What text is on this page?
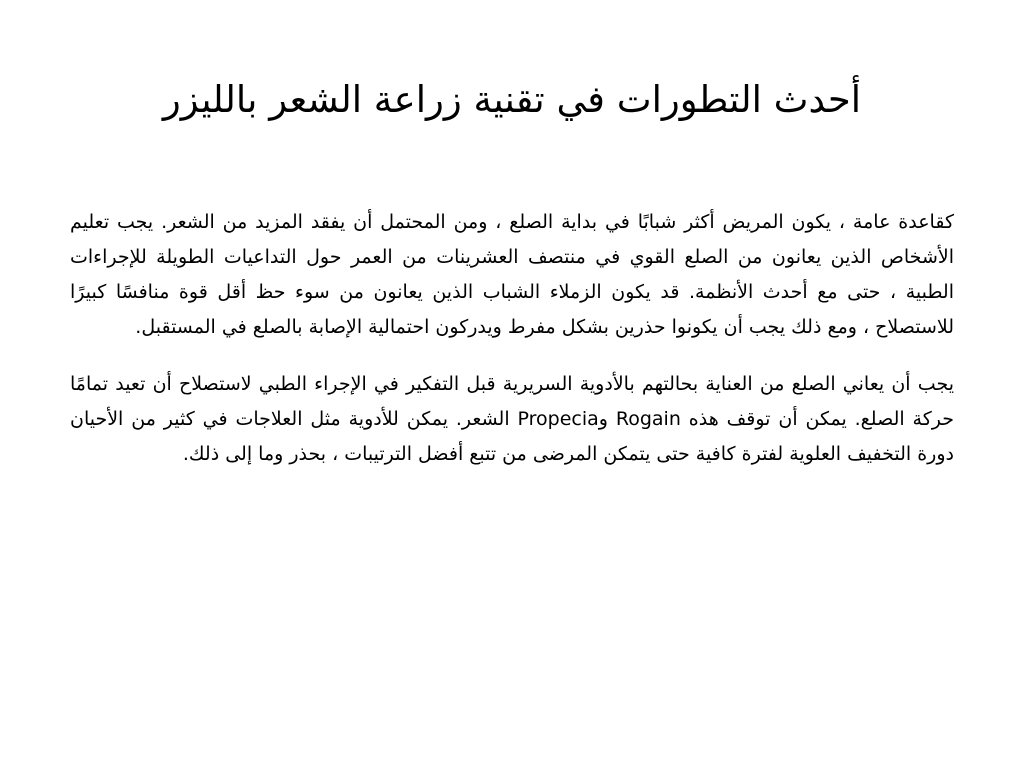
أحدث التطورات في تقنية زراعة الشعر بالليزر

كقاعدة عامة ، يكون المريض أكثر شبابًا في بداية الصلع ، ومن المحتمل أن يفقد المزيد من الشعر. يجب تعليم الأشخاص الذين يعانون من الصلع القوي في منتصف العشرينات من العمر حول التداعيات الطويلة للإجراءات الطبية ، حتى مع أحدث الأنظمة. قد يكون الزملاء الشباب الذين يعانون من سوء حظ أقل قوة منافسًا كبيرًا للاستصلاح ، ومع ذلك يجب أن يكونوا حذرين بشكل مفرط ويدركون احتمالية الإصابة بالصلع في المستقبل.

يجب أن يعاني الصلع من العناية بحالتهم بالأدوية السريرية قبل التفكير في الإجراء الطبي لاستصلاح أن تعيد تمامًا حركة الصلع. يمكن أن توقف هذه Rogain وPropecia الشعر. يمكن للأدوية مثل العلاجات في كثير من الأحيان دورة التخفيف العلوية لفترة كافية حتى يتمكن المرضى من تتبع أفضل الترتيبات ، بحذر وما إلى ذلك.
